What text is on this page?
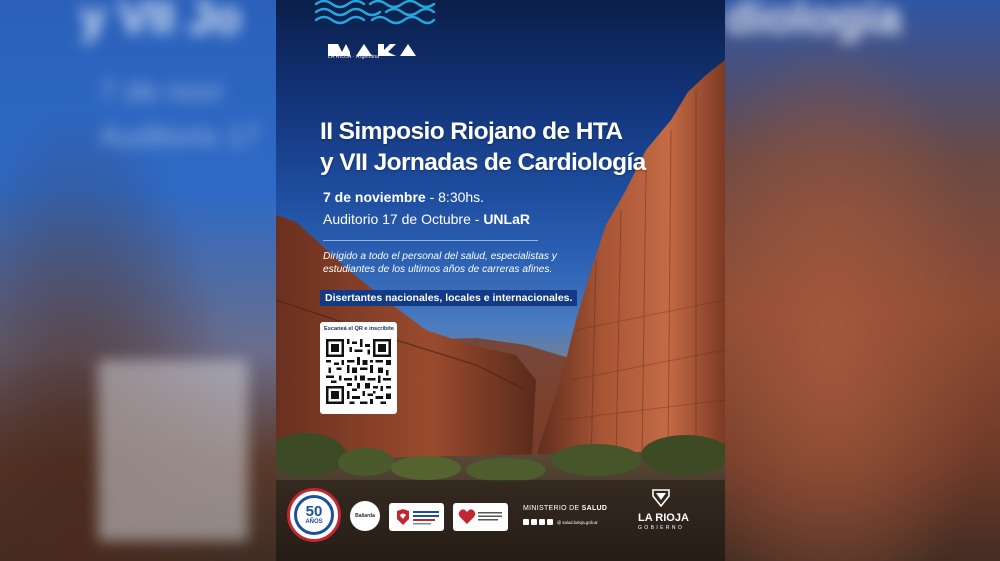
y VII Jo
7 de novi
Auditorio 17
diología
LA RIOJA · Argentina
II Simposio Riojano de HTA
y VII Jornadas de Cardiología
7 de noviembre - 8:30hs.
Auditorio 17 de Octubre - UNLaR
Dirigido a todo el personal del salud, especialistas y estudiantes de los ultimos años de carreras afines.
Disertantes nacionales, locales e internacionales.
Escaneá el QR e inscribite
50
AÑOS
Baliarda
MINISTERIO DE SALUD
@ salud.larioja.gob.ar	LA RIOJA
GOBIERNO
